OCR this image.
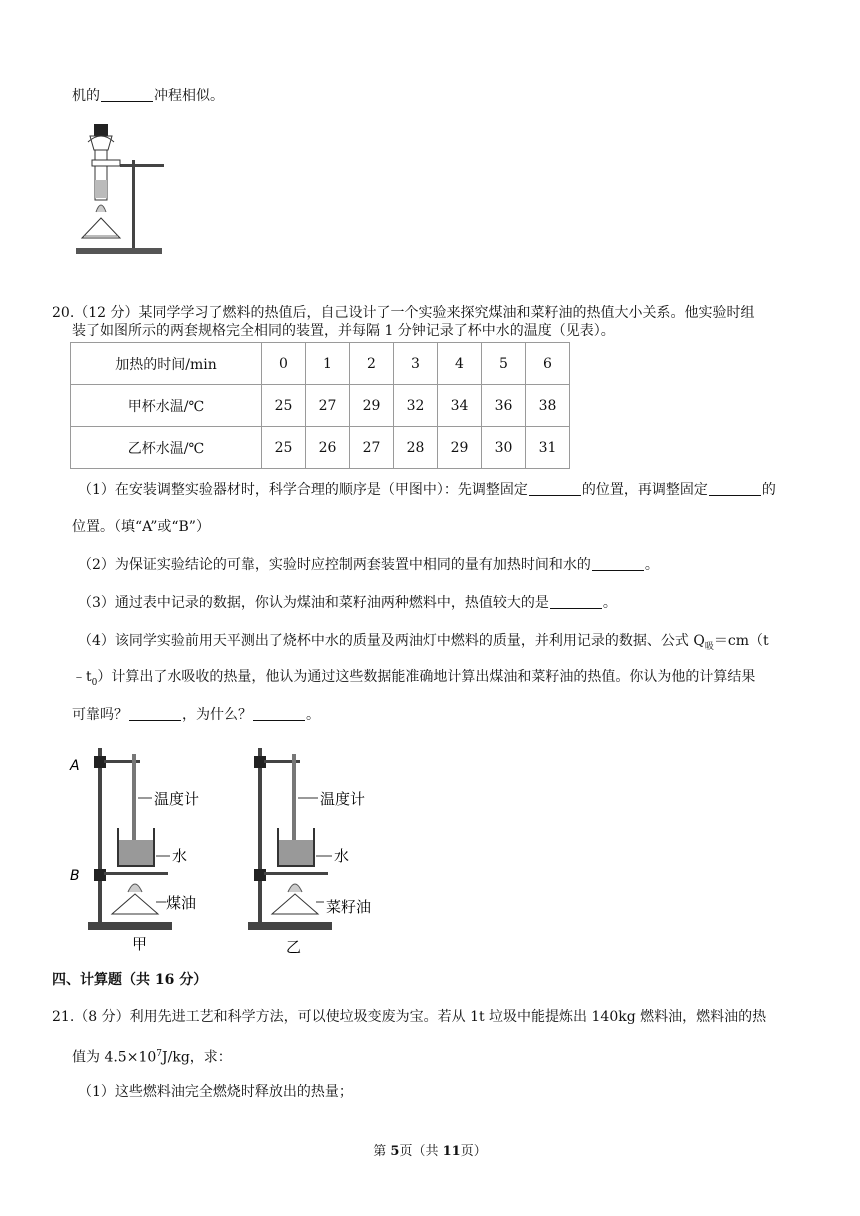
机的	冲程相似。
20.（12 分）某同学学习了燃料的热值后，自己设计了一个实验来探究煤油和菜籽油的热值大小关系。他实验时组
装了如图所示的两套规格完全相同的装置，并每隔 1 分钟记录了杯中水的温度（见表）。
加热的时间/min	0	1	2	3	4	5	6
甲杯水温/℃	25	27	29	32	34	36	38
乙杯水温/℃	25	26	27	28	29	30	31
（1）在安装调整实验器材时，科学合理的顺序是（甲图中）：先调整固定	的位置，再调整固定	的
位置。（填“A”或“B”）
（2）为保证实验结论的可靠，实验时应控制两套装置中相同的量有加热时间和水的	。
（3）通过表中记录的数据，你认为煤油和菜籽油两种燃料中，热值较大的是	。
（4）该同学实验前用天平测出了烧杯中水的质量及两油灯中燃料的质量，并利用记录的数据、公式 $Q_吸=cm(t$
$﹣t_0$）计算出了水吸收的热量，他认为通过这些数据能准确地计算出煤油和菜籽油的热值。你认为他的计算结果
可靠吗？	，为什么？	。
A
B
温度计
水
煤油
甲
温度计
水
菜籽油
乙
四、计算题（共 16 分）
21.（8 分）利用先进工艺和科学方法，可以使垃圾变废为宝。若从 1t 垃圾中能提炼出 140kg 燃料油，燃料油的热
值为 $4.5\times 10^7J/kg$，求：
（1）这些燃料油完全燃烧时释放出的热量；
第 5页（共 11页）
